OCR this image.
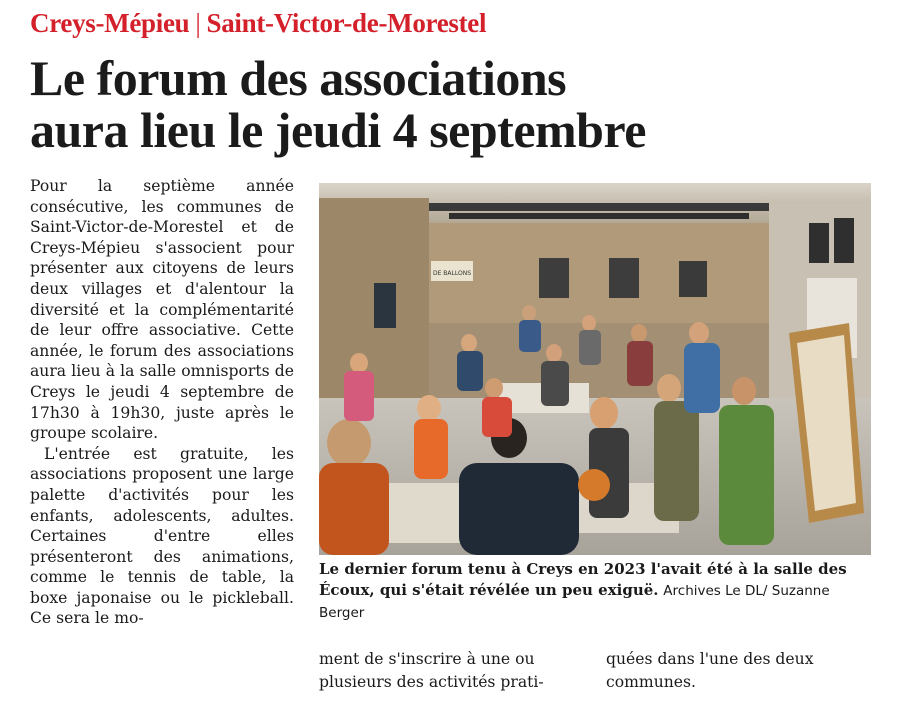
Creys-Mépieu | Saint-Victor-de-Morestel
Le forum des associations
aura lieu le jeudi 4 septembre

Pour la septième année consécutive, les communes de Saint-Victor-de-Morestel et de Creys-Mépieu s'associent pour présenter aux citoyens de leurs deux villages et d'alentour la diversité et la complémentarité de leur offre associative. Cette année, le forum des associations aura lieu à la salle omnisports de Creys le jeudi 4 septembre de 17h30 à 19h30, juste après le groupe scolaire.

L'entrée est gratuite, les associations proposent une large palette d'activités pour les enfants, adolescents, adultes. Certaines d'entre elles présenteront des animations, comme le tennis de table, la boxe japonaise ou le pickleball. Ce sera le mo-

DE BALLONS
Le dernier forum tenu à Creys en 2023 l'avait été à la salle des Écoux, qui s'était révélée un peu exiguë. Archives Le DL/ Suzanne Berger
ment de s'inscrire à une ou
plusieurs des activités prati-
quées dans l'une des deux
communes.
